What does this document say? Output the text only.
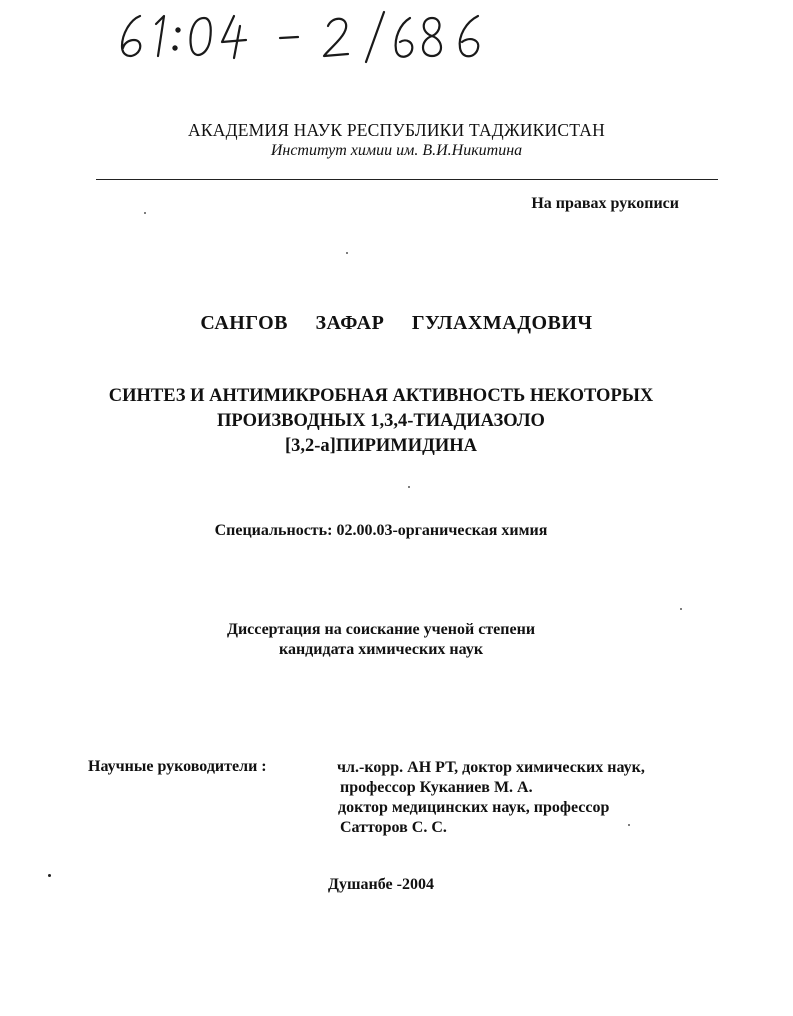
АКАДЕМИЯ НАУК РЕСПУБЛИКИ ТАДЖИКИСТАН
Институт химии им. В.И.Никитина
На правах рукописи
САНГОВ ЗАФАР ГУЛАХМАДОВИЧ
СИНТЕЗ И АНТИМИКРОБНАЯ АКТИВНОСТЬ НЕКОТОРЫХ
ПРОИЗВОДНЫХ 1,3,4-ТИАДИАЗОЛО
[3,2-а]ПИРИМИДИНА
Специальность: 02.00.03-органическая химия
Диссертация на соискание ученой степени
кандидата химических наук
Научные руководители :	чл.-корр. АН РТ, доктор химических наук,
профессор Куканиев М. А.
доктор медицинских наук, профессор
Сатторов С. С.
Душанбе -2004
